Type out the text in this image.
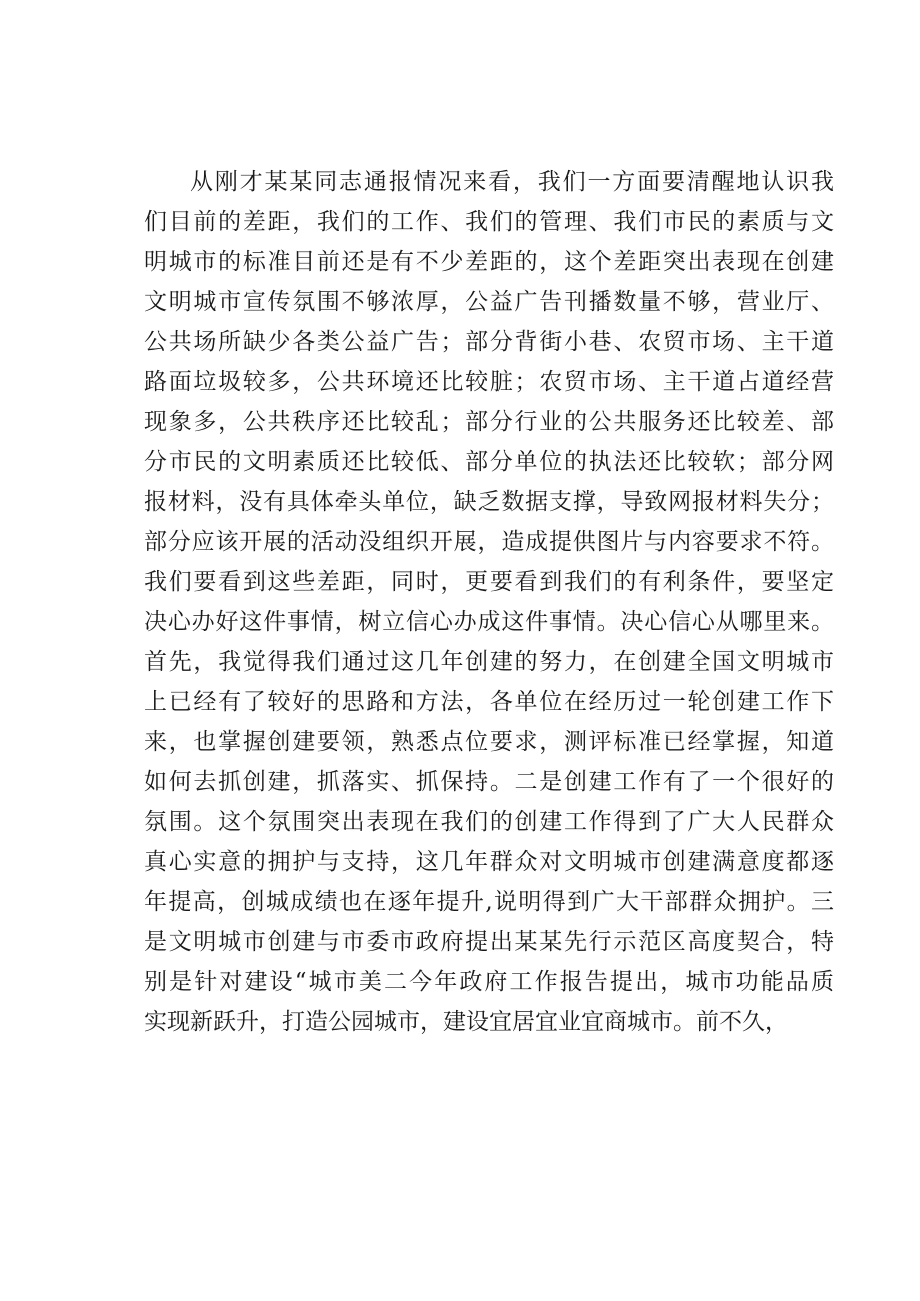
从刚才某某同志通报情况来看，我们一方面要清醒地认识我
们目前的差距，我们的工作、我们的管理、我们市民的素质与文
明城市的标准目前还是有不少差距的，这个差距突出表现在创建
文明城市宣传氛围不够浓厚，公益广告刊播数量不够，营业厅、
公共场所缺少各类公益广告；部分背街小巷、农贸市场、主干道
路面垃圾较多，公共环境还比较脏；农贸市场、主干道占道经营
现象多，公共秩序还比较乱；部分行业的公共服务还比较差、部
分市民的文明素质还比较低、部分单位的执法还比较软；部分网
报材料，没有具体牵头单位，缺乏数据支撑，导致网报材料失分；
部分应该开展的活动没组织开展，造成提供图片与内容要求不符。
我们要看到这些差距，同时，更要看到我们的有利条件，要坚定
决心办好这件事情，树立信心办成这件事情。决心信心从哪里来。
首先，我觉得我们通过这几年创建的努力，在创建全国文明城市
上已经有了较好的思路和方法，各单位在经历过一轮创建工作下
来，也掌握创建要领，熟悉点位要求，测评标准已经掌握，知道
如何去抓创建，抓落实、抓保持。二是创建工作有了一个很好的
氛围。这个氛围突出表现在我们的创建工作得到了广大人民群众
真心实意的拥护与支持，这几年群众对文明城市创建满意度都逐
年提高，创城成绩也在逐年提升,说明得到广大干部群众拥护。三
是文明城市创建与市委市政府提出某某先行示范区高度契合，特
别是针对建设“城市美二今年政府工作报告提出，城市功能品质
实现新跃升，打造公园城市，建设宜居宜业宜商城市。前不久，
